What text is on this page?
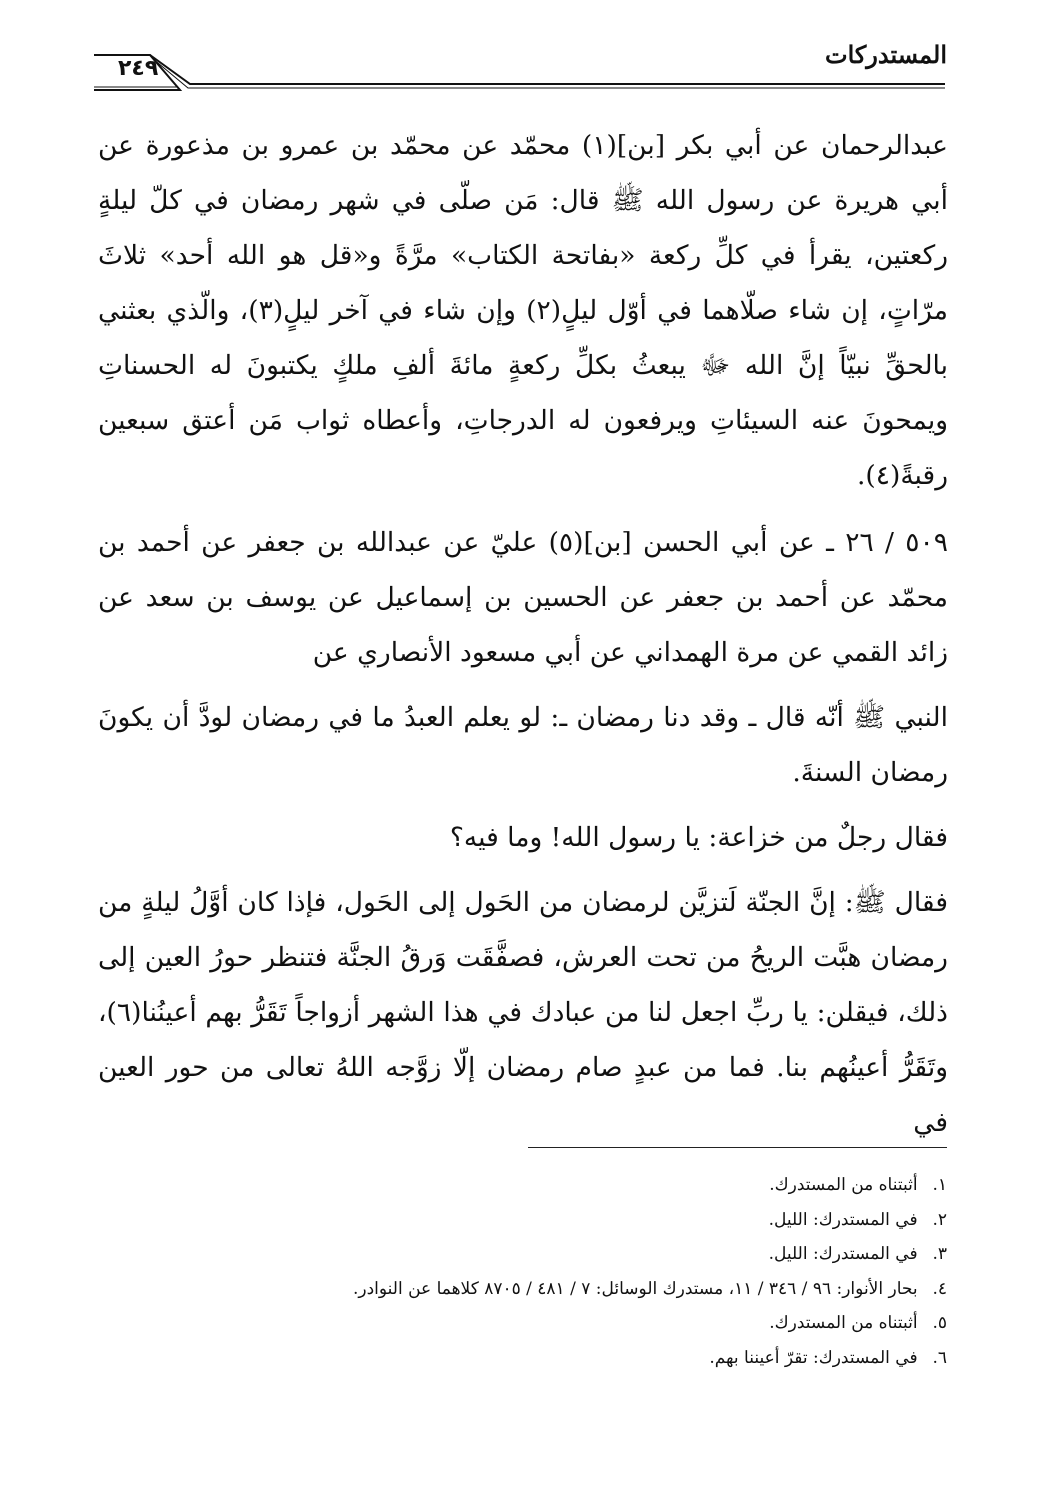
المستدركات
٢٤٩

عبدالرحمان عن أبي بكر [بن](١) محمّد عن محمّد بن عمرو بن مذعورة عن أبي هريرة عن رسول الله ﷺ قال: مَن صلّى في شهر رمضان في كلّ ليلةٍ ركعتين، يقرأ في كلِّ ركعة «بفاتحة الكتاب» مرَّةً و«قل هو الله أحد» ثلاثَ مرّاتٍ، إن شاء صلّاهما في أوّل ليلٍ(٢) وإن شاء في آخر ليلٍ(٣)، والّذي بعثني بالحقِّ نبيّاً إنَّ الله ﷻ يبعثُ بكلِّ ركعةٍ مائةَ ألفِ ملكٍ يكتبونَ له الحسناتِ ويمحونَ عنه السيئاتِ ويرفعون له الدرجاتِ، وأعطاه ثواب مَن أعتق سبعين رقبةً(٤).

٥٠٩ / ٢٦ ـ عن أبي الحسن [بن](٥) عليّ عن عبدالله بن جعفر عن أحمد بن محمّد عن أحمد بن جعفر عن الحسين بن إسماعيل عن يوسف بن سعد عن زائد القمي عن مرة الهمداني عن أبي مسعود الأنصاري عن

النبي ﷺ أنّه قال ـ وقد دنا رمضان ـ: لو يعلم العبدُ ما في رمضان لودَّ أن يكونَ رمضان السنةَ.

فقال رجلٌ من خزاعة: يا رسول الله! وما فيه؟

فقال ﷺ: إنَّ الجنّة لَتزيَّن لرمضان من الحَول إلى الحَول، فإذا كان أوَّلُ ليلةٍ من رمضان هبَّت الريحُ من تحت العرش، فصفَّقَت وَرقُ الجنَّة فتنظر حورُ العين إلى ذلك، فيقلن: يا ربِّ اجعل لنا من عبادك في هذا الشهر أزواجاً تَقَرُّ بهم أعينُنا(٦)، وتَقَرُّ أعينُهم بنا. فما من عبدٍ صام رمضان إلّا زوَّجه اللهُ تعالى من حور العين في

١. أثبتناه من المستدرك.
٢. في المستدرك: الليل.
٣. في المستدرك: الليل.
٤. بحار الأنوار: ٩٦ / ٣٤٦ / ١١، مستدرك الوسائل: ٧ / ٤٨١ / ٨٧٠٥ كلاهما عن النوادر.
٥. أثبتناه من المستدرك.
٦. في المستدرك: تقرّ أعيننا بهم.
